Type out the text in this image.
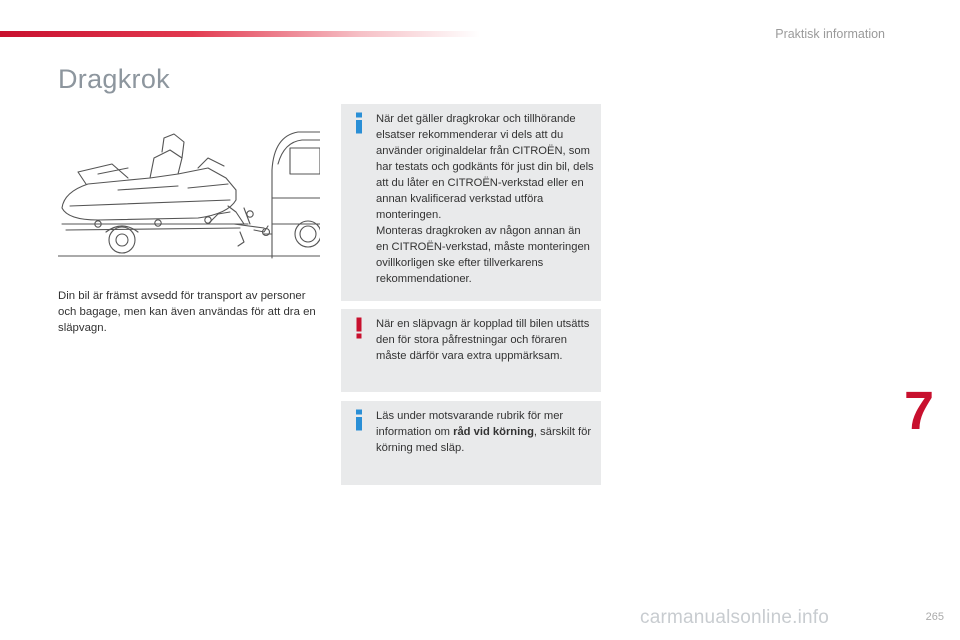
Praktisk information
Dragkrok

Din bil är främst avsedd för transport av personer och bagage, men kan även användas för att dra en släpvagn.

När det gäller dragkrokar och tillhörande elsatser rekommenderar vi dels att du använder originaldelar från CITROËN, som har testats och godkänts för just din bil, dels att du låter en CITROËN-verkstad eller en annan kvalificerad verkstad utföra monteringen.
Monteras dragkroken av någon annan än en CITROËN-verkstad, måste monteringen ovillkorligen ske efter tillverkarens rekommendationer.
När en släpvagn är kopplad till bilen utsätts den för stora påfrestningar och föraren måste därför vara extra uppmärksam.
Läs under motsvarande rubrik för mer information om råd vid körning, särskilt för körning med släp.
7
carmanualsonline.info	265
